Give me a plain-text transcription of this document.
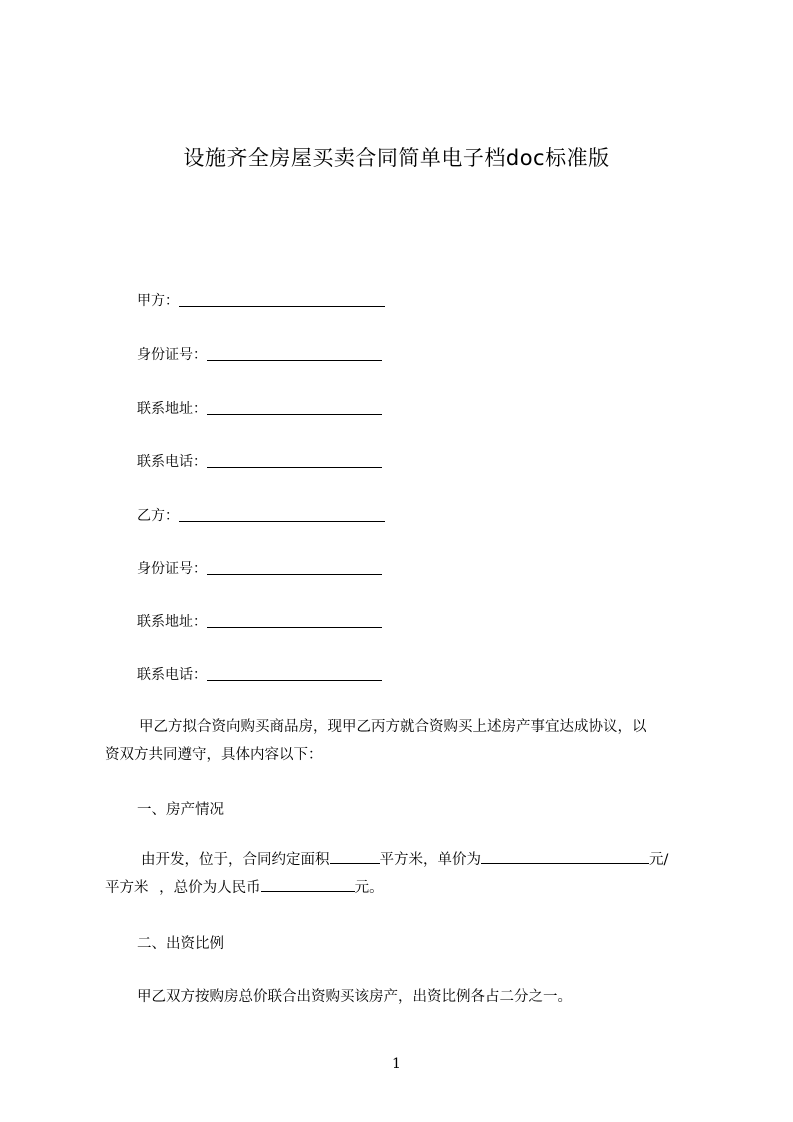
设施齐全房屋买卖合同简单电子档doc标准版
甲方：
身份证号：
联系地址：
联系电话：
乙方：
身份证号：
联系地址：
联系电话：
甲乙方拟合资向购买商品房，现甲乙丙方就合资购买上述房产事宜达成协议，以
资双方共同遵守，具体内容以下：
一、房产情况
由开发，位于，合同约定面积	平方米，单价为	元/
平方米 ，总价为人民币	元。
二、出资比例
甲乙双方按购房总价联合出资购买该房产，出资比例各占二分之一。
1
